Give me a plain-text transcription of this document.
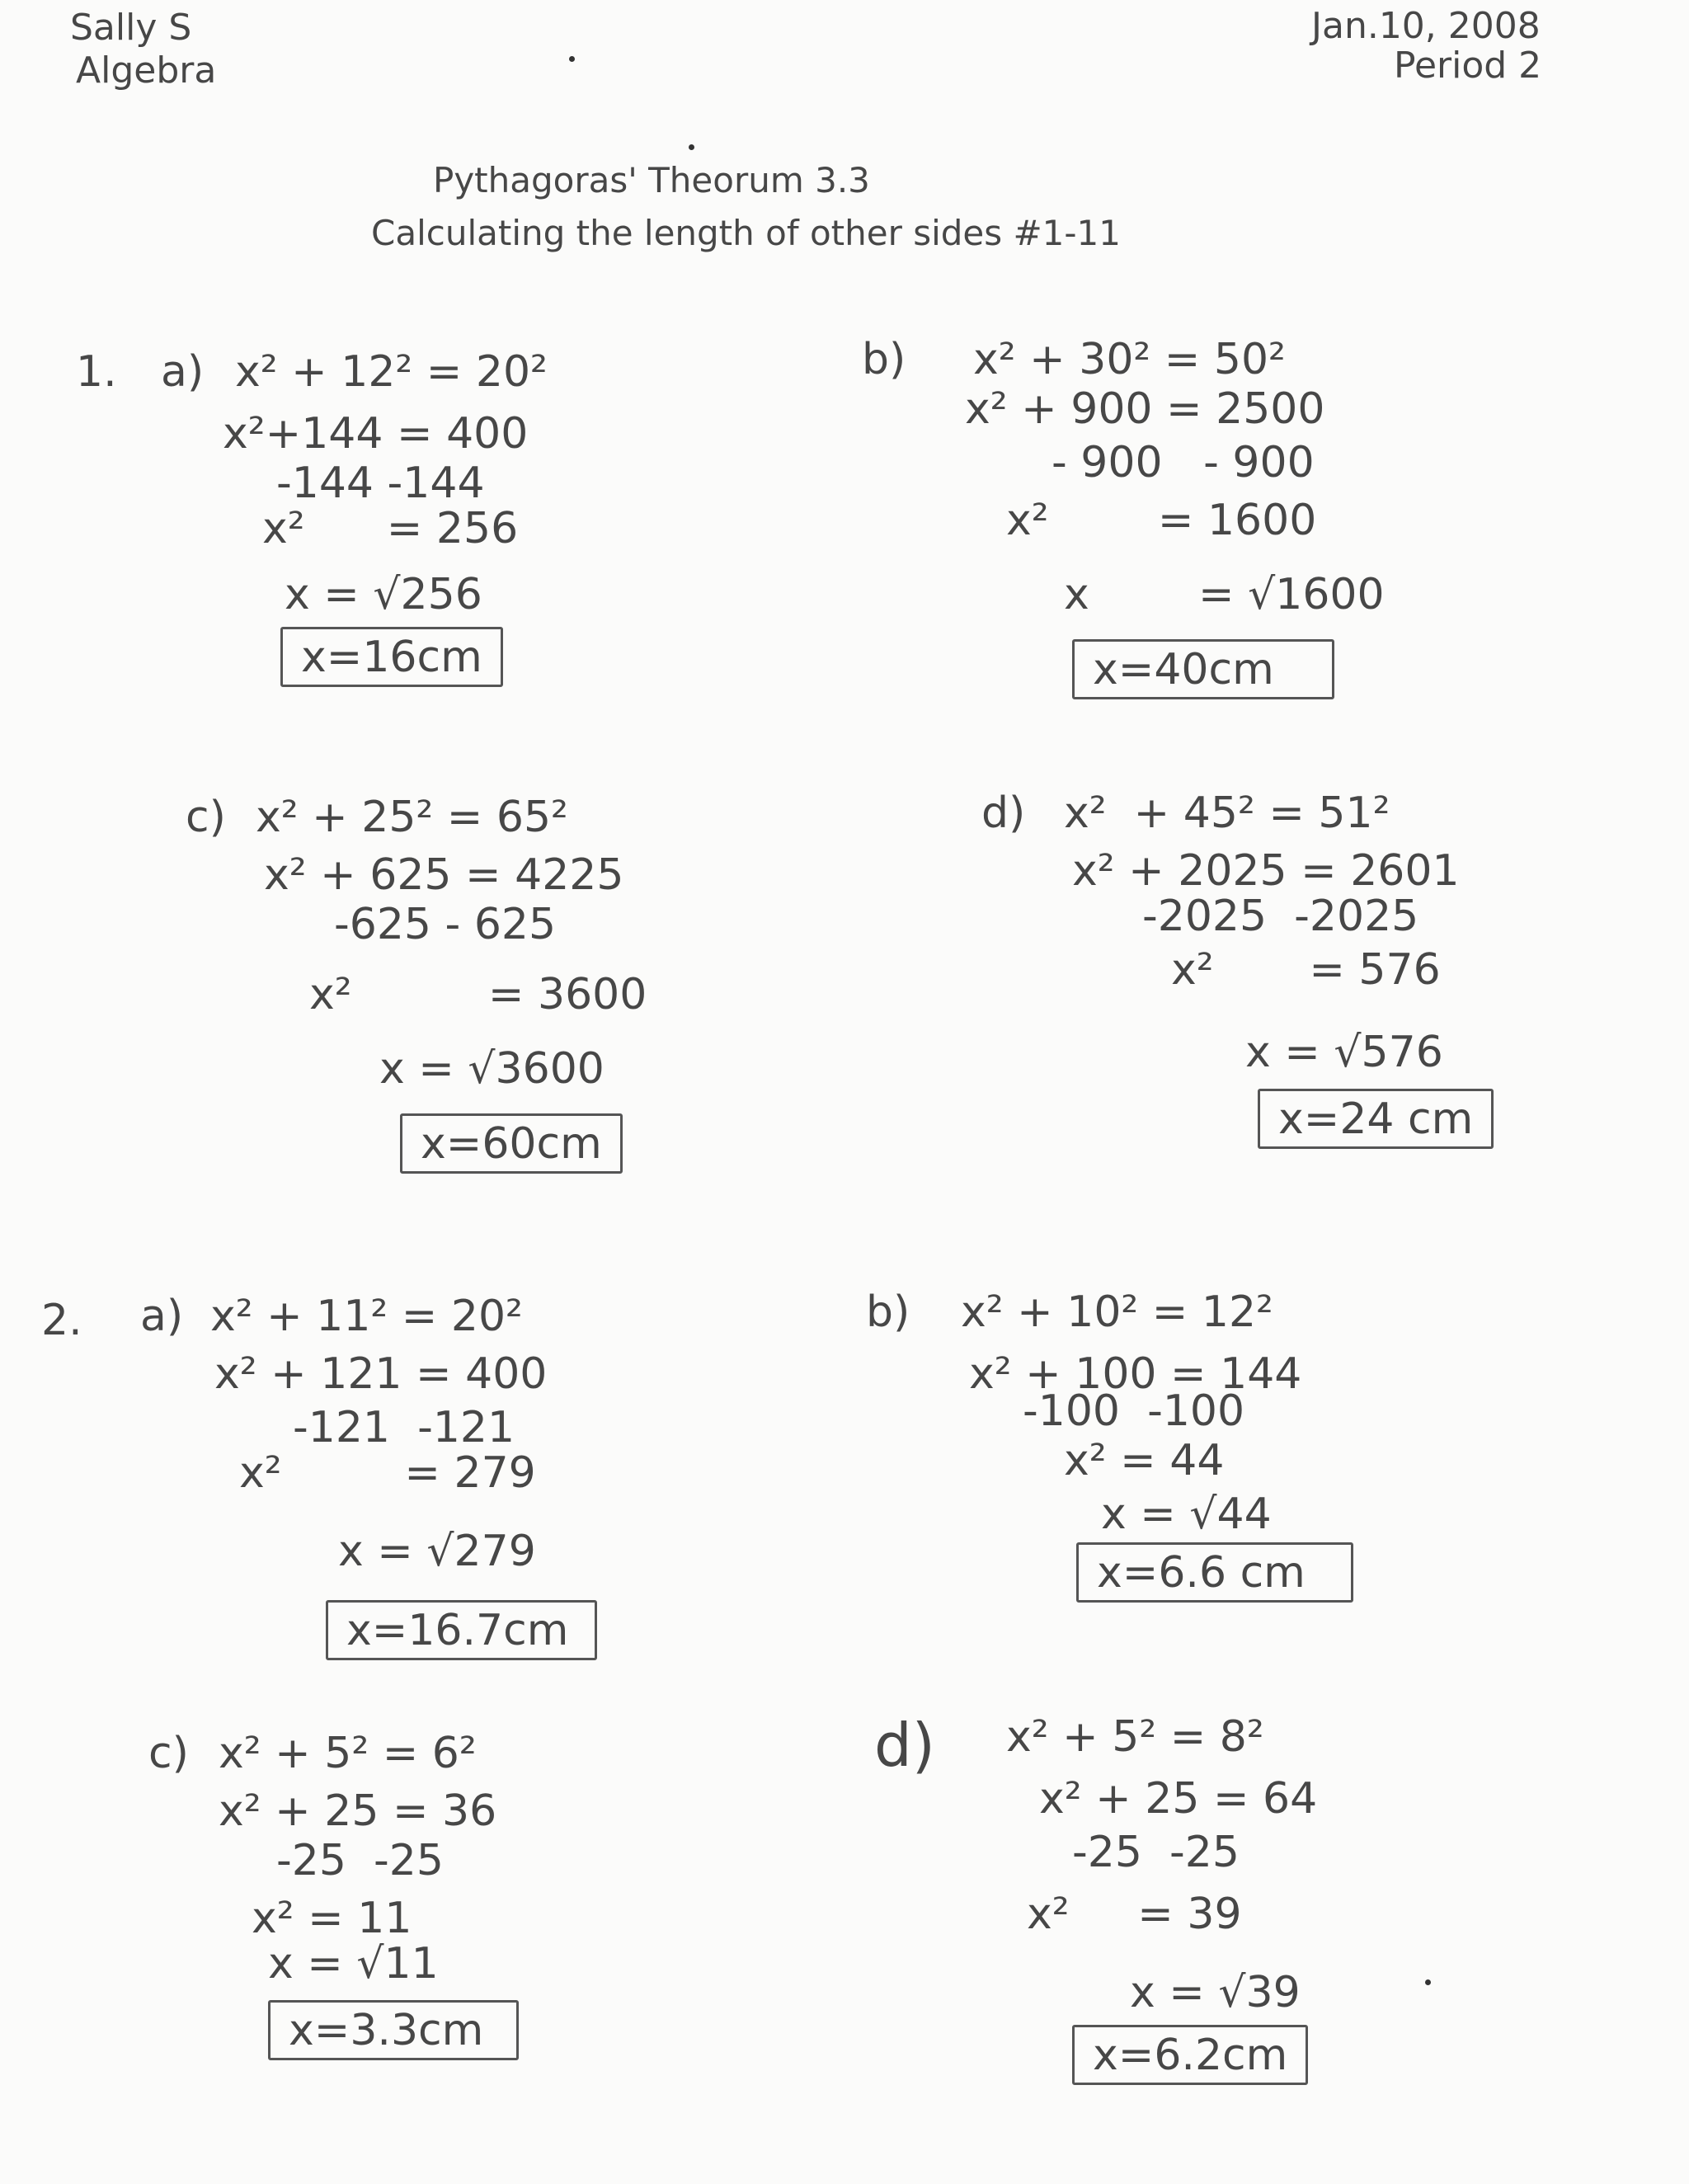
Sally S
Algebra
Jan.10, 2008
Period 2
Pythagoras' Theorum 3.3
Calculating the length of other sides #1-11
1.
2.
a) x² + 12² = 20²
x²+144 = 400
-144 -144
x²      = 256
x = √256
x=16cm
b) x² + 30² = 50²
x² + 900 = 2500
- 900   - 900
x²        = 1600
x        = √1600
x=40cm
c) x² + 25² = 65²
x² + 625 = 4225
-625 - 625
x²          = 3600
x = √3600
x=60cm
d) x²  + 45² = 51²
x² + 2025 = 2601
-2025  -2025
x²       = 576
x = √576
x=24 cm
a) x² + 11² = 20²
x² + 121 = 400
-121  -121
x²         = 279
x = √279
x=16.7cm
b) x² + 10² = 12²
x² + 100 = 144
-100  -100
x² = 44
x = √44
x=6.6 cm
c) x² + 5² = 6²
x² + 25 = 36
-25  -25
x² = 11
x = √11
x=3.3cm
d) x² + 5² = 8²
x² + 25 = 64
-25  -25
x²     = 39
x = √39
x=6.2cm
